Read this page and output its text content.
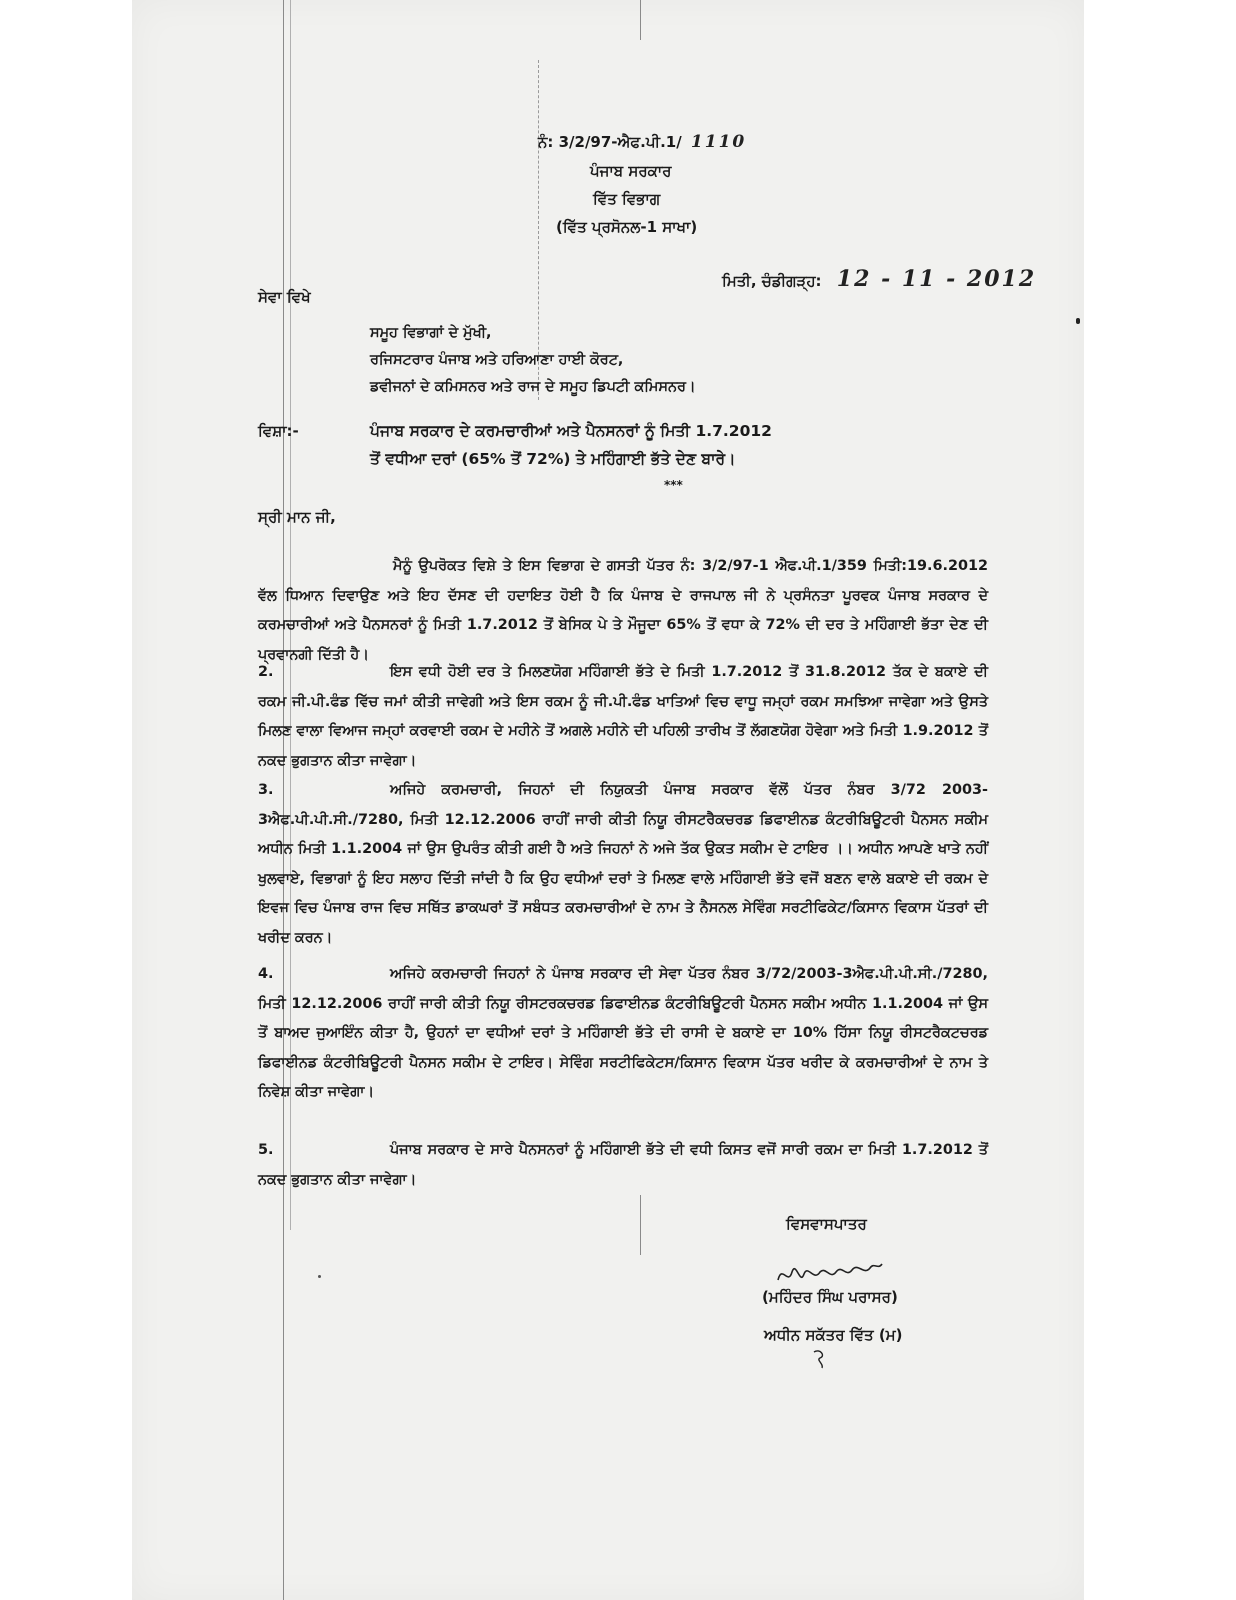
ਨੰ: 3/2/97-ਐਫ.ਪੀ.1/ 1110
ਪੰਜਾਬ ਸਰਕਾਰ
ਵਿੱਤ ਵਿਭਾਗ
(ਵਿੱਤ ਪ੍ਰਸੋਨਲ-1 ਸਾਖਾ)
ਮਿਤੀ, ਚੰਡੀਗੜ੍ਹ: 12 - 11 - 2012
ਸੇਵਾ ਵਿਖੇ
ਸਮੂਹ ਵਿਭਾਗਾਂ ਦੇ ਮੁੱਖੀ,
ਰਜਿਸਟਰਾਰ ਪੰਜਾਬ ਅਤੇ ਹਰਿਆਣਾ ਹਾਈ ਕੋਰਟ,
ਡਵੀਜਨਾਂ ਦੇ ਕਮਿਸਨਰ ਅਤੇ ਰਾਜ ਦੇ ਸਮੂਹ ਡਿਪਟੀ ਕਮਿਸਨਰ।
ਵਿਸ਼ਾ:-	ਪੰਜਾਬ ਸਰਕਾਰ ਦੇ ਕਰਮਚਾਰੀਆਂ ਅਤੇ ਪੈਨਸਨਰਾਂ ਨੂੰ ਮਿਤੀ 1.7.2012
ਤੋਂ ਵਧੀਆ ਦਰਾਂ (65% ਤੋਂ 72%) ਤੇ ਮਹਿੰਗਾਈ ਭੱਤੇ ਦੇਣ ਬਾਰੇ।
***
ਸ੍ਰੀ ਮਾਨ ਜੀ,
ਮੈਨੂੰ ਉਪਰੋਕਤ ਵਿਸ਼ੇ ਤੇ ਇਸ ਵਿਭਾਗ ਦੇ ਗਸਤੀ ਪੱਤਰ ਨੰ: 3/2/97-1 ਐਫ.ਪੀ.1/359 ਮਿਤੀ:19.6.2012 ਵੱਲ ਧਿਆਨ ਦਿਵਾਉਣ ਅਤੇ ਇਹ ਦੱਸਣ ਦੀ ਹਦਾਇਤ ਹੋਈ ਹੈ ਕਿ ਪੰਜਾਬ ਦੇ ਰਾਜਪਾਲ ਜੀ ਨੇ ਪ੍ਰਸੰਨਤਾ ਪੂਰਵਕ ਪੰਜਾਬ ਸਰਕਾਰ ਦੇ ਕਰਮਚਾਰੀਆਂ ਅਤੇ ਪੈਨਸਨਰਾਂ ਨੂੰ ਮਿਤੀ 1.7.2012 ਤੋਂ ਬੇਸਿਕ ਪੇ ਤੇ ਮੌਜੂਦਾ 65% ਤੋਂ ਵਧਾ ਕੇ 72% ਦੀ ਦਰ ਤੇ ਮਹਿੰਗਾਈ ਭੱਤਾ ਦੇਣ ਦੀ ਪ੍ਰਵਾਨਗੀ ਦਿੱਤੀ ਹੈ।
2.	ਇਸ ਵਧੀ ਹੋਈ ਦਰ ਤੇ ਮਿਲਣਯੋਗ ਮਹਿੰਗਾਈ ਭੱਤੇ ਦੇ ਮਿਤੀ 1.7.2012 ਤੋਂ 31.8.2012 ਤੱਕ ਦੇ ਬਕਾਏ ਦੀ ਰਕਮ ਜੀ.ਪੀ.ਫੰਡ ਵਿੱਚ ਜਮਾਂ ਕੀਤੀ ਜਾਵੇਗੀ ਅਤੇ ਇਸ ਰਕਮ ਨੂੰ ਜੀ.ਪੀ.ਫੰਡ ਖਾਤਿਆਂ ਵਿਚ ਵਾਧੂ ਜਮ੍ਹਾਂ ਰਕਮ ਸਮਝਿਆ ਜਾਵੇਗਾ ਅਤੇ ਉਸਤੇ ਮਿਲਣ ਵਾਲਾ ਵਿਆਜ ਜਮ੍ਹਾਂ ਕਰਵਾਈ ਰਕਮ ਦੇ ਮਹੀਨੇ ਤੋਂ ਅਗਲੇ ਮਹੀਨੇ ਦੀ ਪਹਿਲੀ ਤਾਰੀਖ ਤੋਂ ਲੱਗਣਯੋਗ ਹੋਵੇਗਾ ਅਤੇ ਮਿਤੀ 1.9.2012 ਤੋਂ ਨਕਦ ਭੁਗਤਾਨ ਕੀਤਾ ਜਾਵੇਗਾ।
3.	ਅਜਿਹੇ ਕਰਮਚਾਰੀ, ਜਿਹਨਾਂ ਦੀ ਨਿਯੁਕਤੀ ਪੰਜਾਬ ਸਰਕਾਰ ਵੱਲੋਂ ਪੱਤਰ ਨੰਬਰ 3/72 2003-3ਐਫ.ਪੀ.ਪੀ.ਸੀ./7280, ਮਿਤੀ 12.12.2006 ਰਾਹੀਂ ਜਾਰੀ ਕੀਤੀ ਨਿਯੂ ਰੀਸਟਰੈਕਚਰਡ ਡਿਫਾਈਨਡ ਕੰਟਰੀਬਿਊਟਰੀ ਪੈਨਸਨ ਸਕੀਮ ਅਧੀਨ ਮਿਤੀ 1.1.2004 ਜਾਂ ਉਸ ਉਪਰੰਤ ਕੀਤੀ ਗਈ ਹੈ ਅਤੇ ਜਿਹਨਾਂ ਨੇ ਅਜੇ ਤੱਕ ਉਕਤ ਸਕੀਮ ਦੇ ਟਾਇਰ ।। ਅਧੀਨ ਆਪਣੇ ਖਾਤੇ ਨਹੀਂ ਖੁਲਵਾਏ, ਵਿਭਾਗਾਂ ਨੂੰ ਇਹ ਸਲਾਹ ਦਿੱਤੀ ਜਾਂਦੀ ਹੈ ਕਿ ਉਹ ਵਧੀਆਂ ਦਰਾਂ ਤੇ ਮਿਲਣ ਵਾਲੇ ਮਹਿੰਗਾਈ ਭੱਤੇ ਵਜੋਂ ਬਣਨ ਵਾਲੇ ਬਕਾਏ ਦੀ ਰਕਮ ਦੇ ਇਵਜ ਵਿਚ ਪੰਜਾਬ ਰਾਜ ਵਿਚ ਸਥਿੱਤ ਡਾਕਘਰਾਂ ਤੋਂ ਸਬੰਧਤ ਕਰਮਚਾਰੀਆਂ ਦੇ ਨਾਮ ਤੇ ਨੈਸਨਲ ਸੇਵਿੰਗ ਸਰਟੀਫਿਕੇਟ/ਕਿਸਾਨ ਵਿਕਾਸ ਪੱਤਰਾਂ ਦੀ ਖਰੀਦ ਕਰਨ।
4.	ਅਜਿਹੇ ਕਰਮਚਾਰੀ ਜਿਹਨਾਂ ਨੇ ਪੰਜਾਬ ਸਰਕਾਰ ਦੀ ਸੇਵਾ ਪੱਤਰ ਨੰਬਰ 3/72/2003-3ਐਫ.ਪੀ.ਪੀ.ਸੀ./7280, ਮਿਤੀ 12.12.2006 ਰਾਹੀਂ ਜਾਰੀ ਕੀਤੀ ਨਿਯੂ ਰੀਸਟਰਕਚਰਡ ਡਿਫਾਈਨਡ ਕੰਟਰੀਬਿਊਟਰੀ ਪੈਨਸਨ ਸਕੀਮ ਅਧੀਨ 1.1.2004 ਜਾਂ ਉਸ ਤੋਂ ਬਾਅਦ ਜੁਆਇੰਨ ਕੀਤਾ ਹੈ, ਉਹਨਾਂ ਦਾ ਵਧੀਆਂ ਦਰਾਂ ਤੇ ਮਹਿੰਗਾਈ ਭੱਤੇ ਦੀ ਰਾਸੀ ਦੇ ਬਕਾਏ ਦਾ 10% ਹਿੱਸਾ ਨਿਯੂ ਰੀਸਟਰੈਕਟਚਰਡ ਡਿਫਾਈਨਡ ਕੰਟਰੀਬਿਊਟਰੀ ਪੈਨਸਨ ਸਕੀਮ ਦੇ ਟਾਇਰ। ਸੇਵਿੰਗ ਸਰਟੀਫਿਕੇਟਸ/ਕਿਸਾਨ ਵਿਕਾਸ ਪੱਤਰ ਖਰੀਦ ਕੇ ਕਰਮਚਾਰੀਆਂ ਦੇ ਨਾਮ ਤੇ ਨਿਵੇਸ਼ ਕੀਤਾ ਜਾਵੇਗਾ।
5.	ਪੰਜਾਬ ਸਰਕਾਰ ਦੇ ਸਾਰੇ ਪੈਨਸਨਰਾਂ ਨੂੰ ਮਹਿੰਗਾਈ ਭੱਤੇ ਦੀ ਵਧੀ ਕਿਸਤ ਵਜੋਂ ਸਾਰੀ ਰਕਮ ਦਾ ਮਿਤੀ 1.7.2012 ਤੋਂ ਨਕਦ ਭੁਗਤਾਨ ਕੀਤਾ ਜਾਵੇਗਾ।
ਵਿਸਵਾਸਪਾਤਰ
(ਮਹਿੰਦਰ ਸਿੰਘ ਪਰਾਸਰ)
ਅਧੀਨ ਸਕੱਤਰ ਵਿੱਤ (ਮ)
